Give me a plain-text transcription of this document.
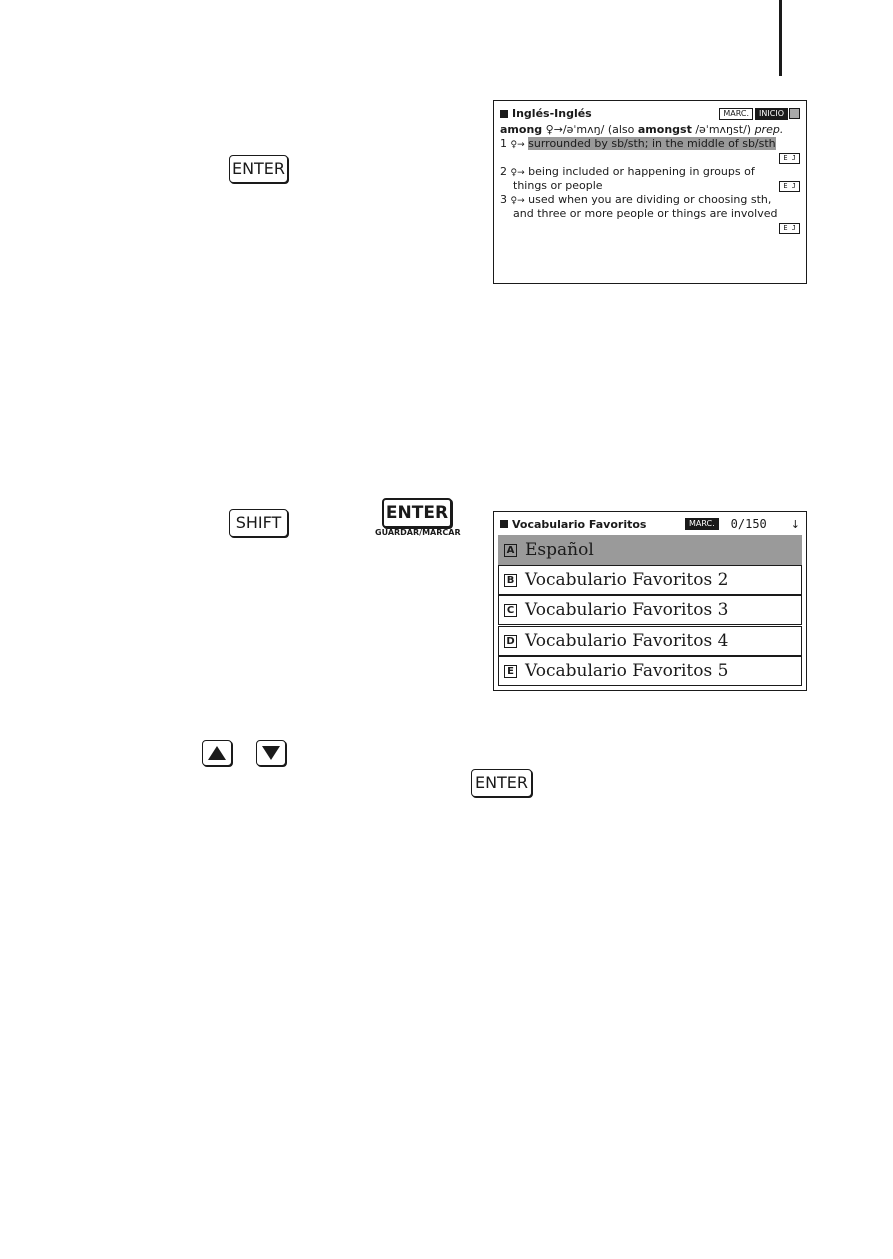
ENTER
Inglés-Inglés	MARC.	INICIO
among ♀→/əˈmʌŋ/ (also amongst /əˈmʌŋst/) prep.
1 ♀→ surrounded by sb/sth; in the middle of sb/sth
E J
2 ♀→ being included or happening in groups of
things or people	E J
3 ♀→ used when you are dividing or choosing sth,
and three or more people or things are involved
E J
SHIFT	ENTER
GUARDAR/MARCAR
Vocabulario Favoritos	MARC.	0/150 ↓
A Español
B Vocabulario Favoritos 2
C Vocabulario Favoritos 3
D Vocabulario Favoritos 4
E Vocabulario Favoritos 5
ENTER
